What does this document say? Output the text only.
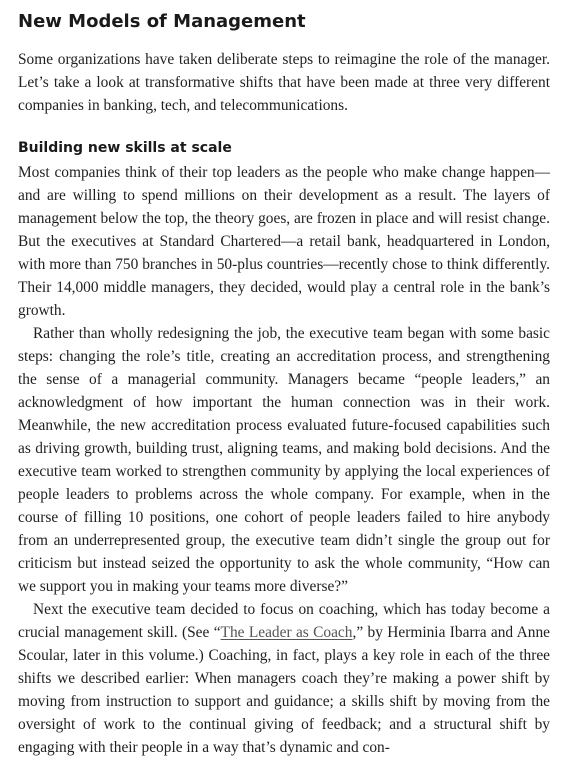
New Models of Management

Some organizations have taken deliberate steps to reimagine the role of the manager. Let’s take a look at transformative shifts that have been made at three very different companies in banking, tech, and telecommunications.

Building new skills at scale

Most companies think of their top leaders as the people who make change happen—and are willing to spend millions on their development as a result. The layers of management below the top, the theory goes, are frozen in place and will resist change. But the executives at Standard Chartered—a retail bank, headquartered in London, with more than 750 branches in 50-plus countries—recently chose to think differently. Their 14,000 middle managers, they decided, would play a central role in the bank’s growth.

Rather than wholly redesigning the job, the executive team began with some basic steps: changing the role’s title, creating an accreditation process, and strengthening the sense of a managerial community. Managers became “people leaders,” an acknowledgment of how important the human connection was in their work. Meanwhile, the new accreditation process evaluated future-focused capabilities such as driving growth, building trust, aligning teams, and making bold decisions. And the executive team worked to strengthen community by applying the local experiences of people leaders to problems across the whole company. For example, when in the course of filling 10 positions, one cohort of people leaders failed to hire anybody from an underrepresented group, the executive team didn’t single the group out for criticism but instead seized the opportunity to ask the whole community, “How can we support you in making your teams more diverse?”

Next the executive team decided to focus on coaching, which has today become a crucial management skill. (See “The Leader as Coach,” by Herminia Ibarra and Anne Scoular, later in this volume.) Coaching, in fact, plays a key role in each of the three shifts we described earlier: When managers coach they’re making a power shift by moving from instruction to support and guidance; a skills shift by moving from the oversight of work to the continual giving of feedback; and a structural shift by engaging with their people in a way that’s dynamic and con-
